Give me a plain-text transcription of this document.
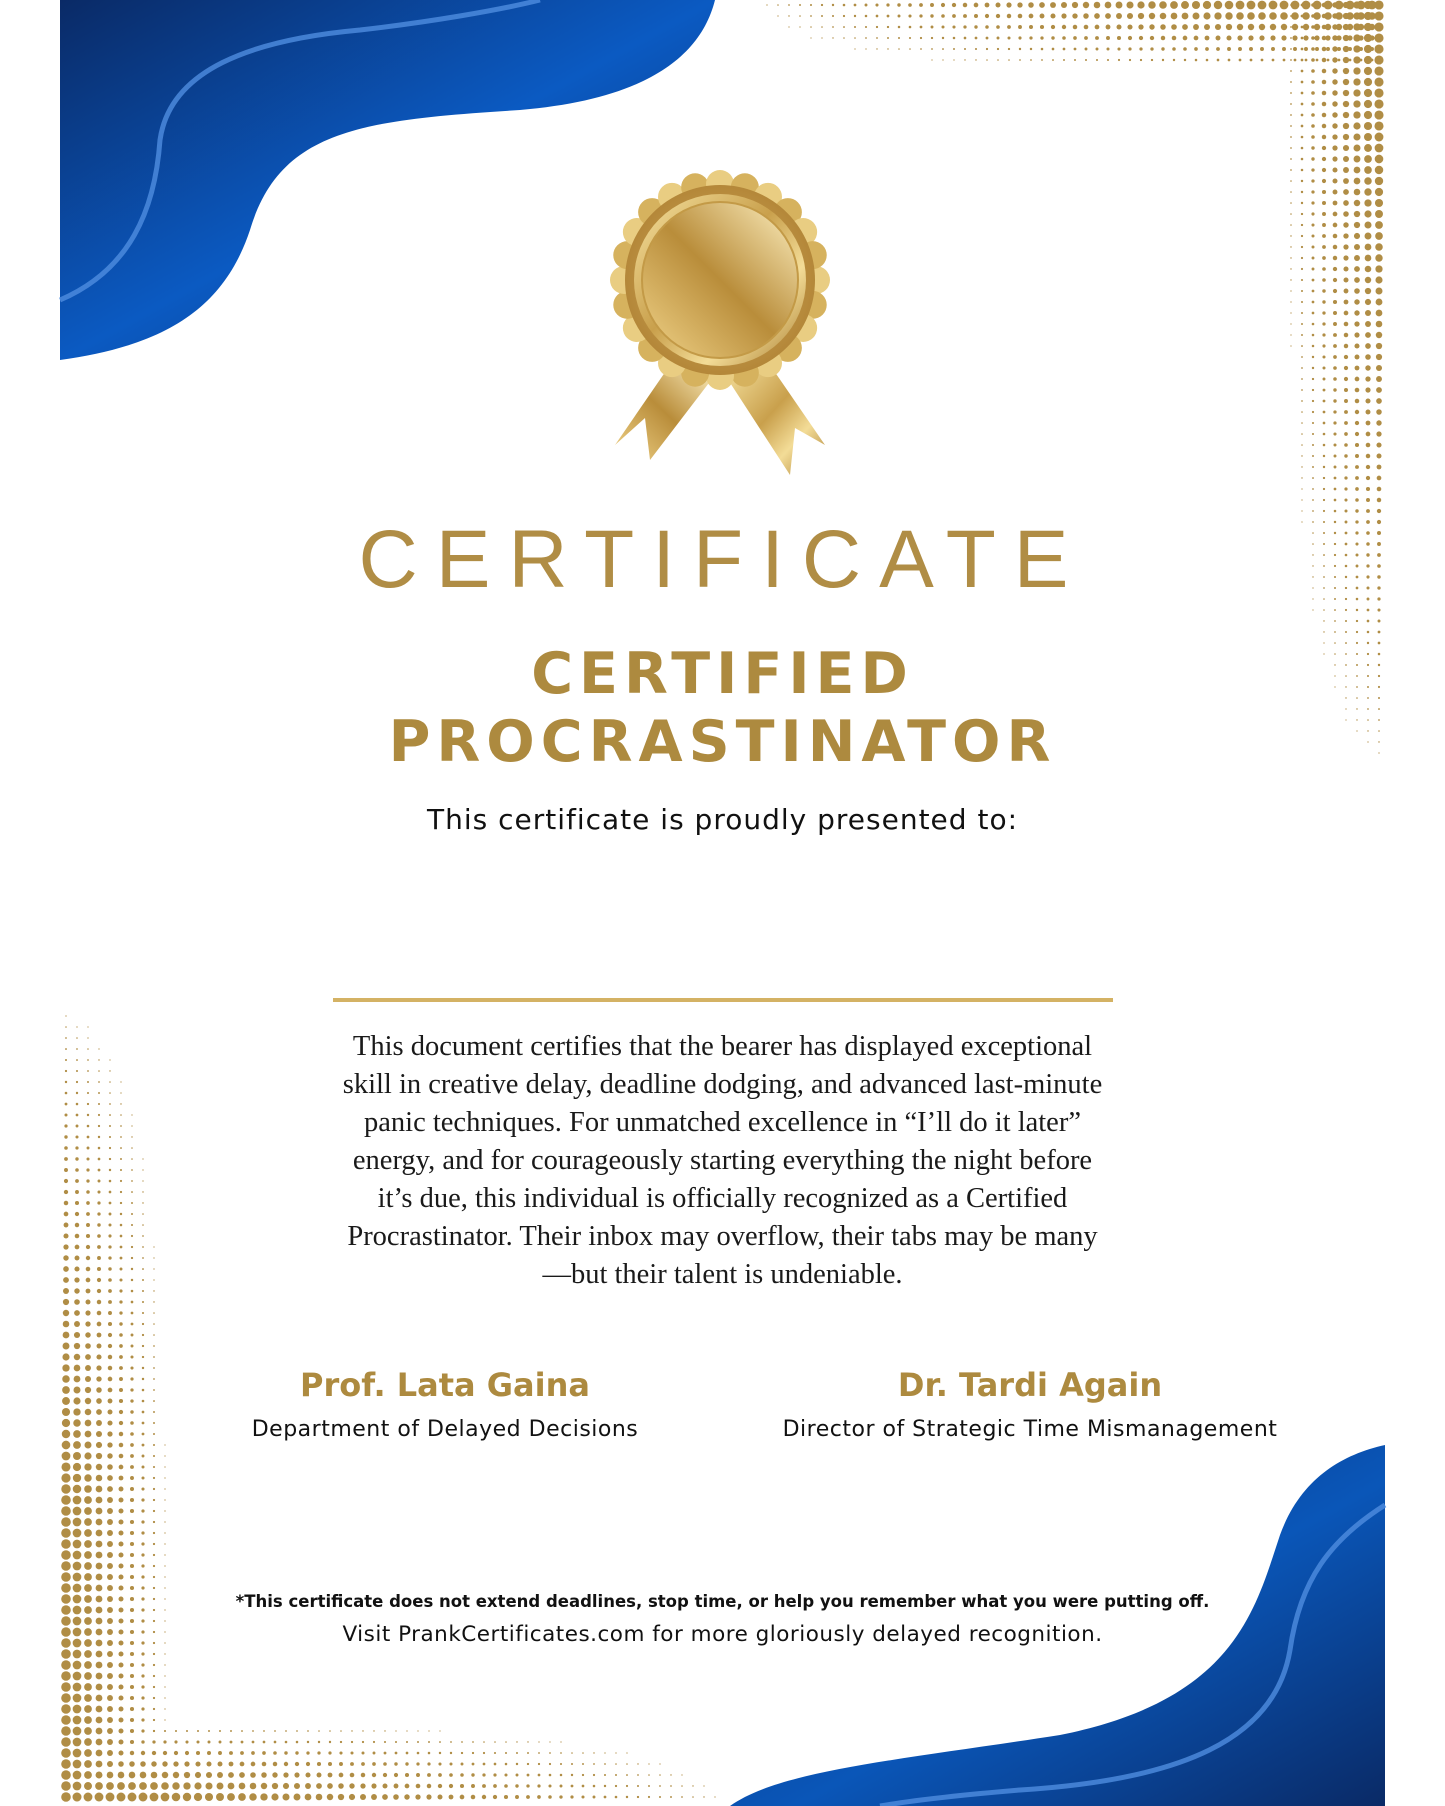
CERTIFICATE
CERTIFIED
PROCRASTINATOR
This certificate is proudly presented to:
This document certifies that the bearer has displayed exceptional skill in creative delay, deadline dodging, and advanced last-minute panic techniques. For unmatched excellence in “I’ll do it later” energy, and for courageously starting everything the night before it’s due, this individual is officially recognized as a Certified Procrastinator. Their inbox may overflow, their tabs may be many—but their talent is undeniable.
Prof. Lata Gaina
Department of Delayed Decisions
Dr. Tardi Again
Director of Strategic Time Mismanagement
*This certificate does not extend deadlines, stop time, or help you remember what you were putting off.
Visit PrankCertificates.com for more gloriously delayed recognition.
